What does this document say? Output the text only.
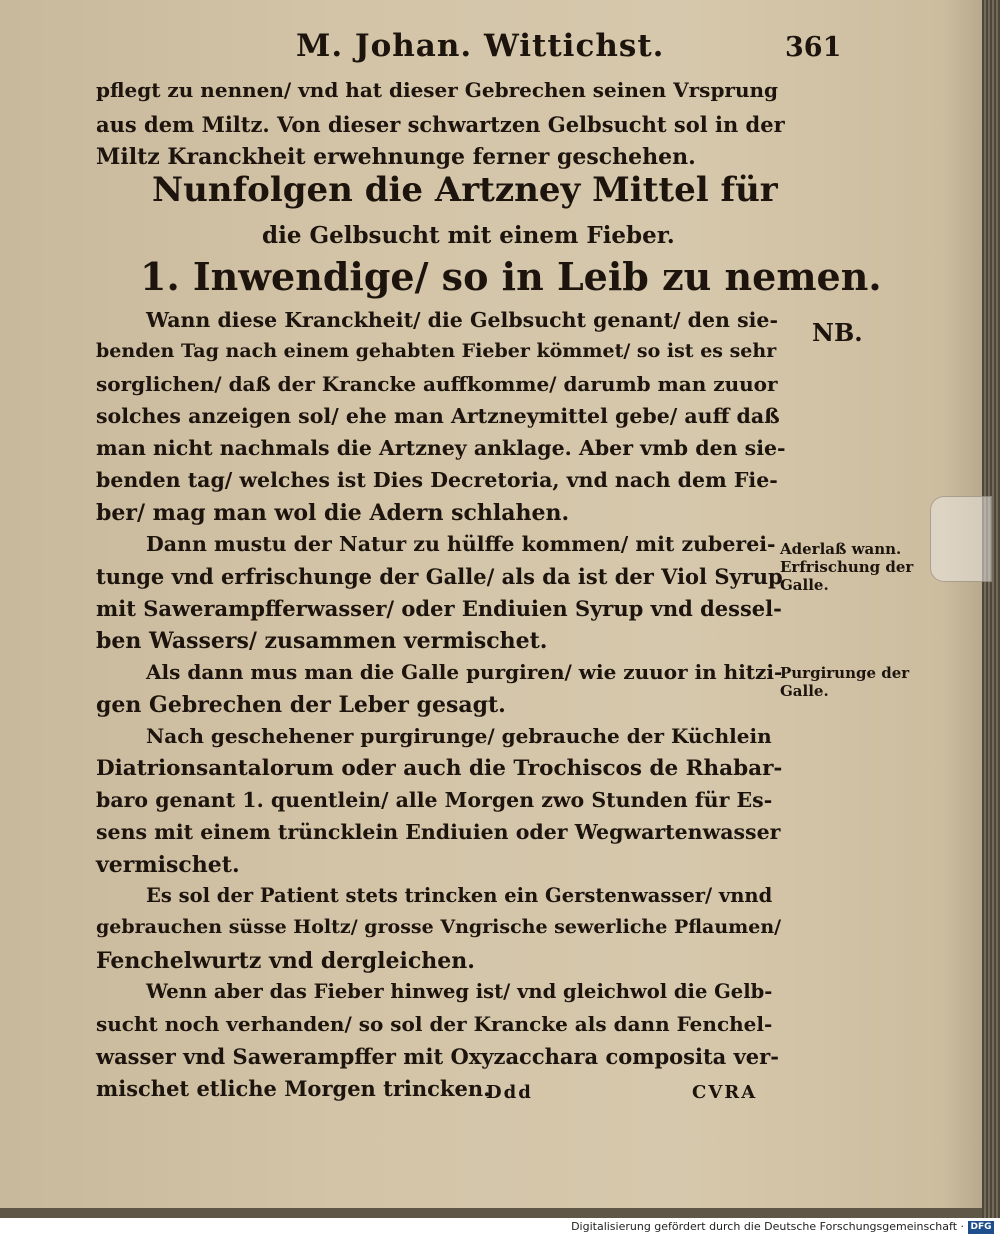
M. Johan. Wittichst.	361
pflegt zu nennen/ vnd hat dieser Gebrechen seinen Vrsprung
aus dem Miltz. Von dieser schwartzen Gelbsucht sol in der
Miltz Kranckheit erwehnunge ferner geschehen.
Wann diese Kranckheit/ die Gelbsucht genant/ den sie-
benden Tag nach einem gehabten Fieber kömmet/ so ist es sehr
sorglichen/ daß der Krancke auffkomme/ darumb man zuuor
solches anzeigen sol/ ehe man Artzneymittel gebe/ auff daß
man nicht nachmals die Artzney anklage. Aber vmb den sie-
benden tag/ welches ist Dies Decretoria, vnd nach dem Fie-
ber/ mag man wol die Adern schlahen.
Dann mustu der Natur zu hülffe kommen/ mit zuberei-
tunge vnd erfrischunge der Galle/ als da ist der Viol Syrup
mit Sawerampfferwasser/ oder Endiuien Syrup vnd dessel-
ben Wassers/ zusammen vermischet.
Als dann mus man die Galle purgiren/ wie zuuor in hitzi-
gen Gebrechen der Leber gesagt.
Nach geschehener purgirunge/ gebrauche der Küchlein
Diatrionsantalorum oder auch die Trochiscos de Rhabar-
baro genant 1. quentlein/ alle Morgen zwo Stunden für Es-
sens mit einem trüncklein Endiuien oder Wegwartenwasser
vermischet.
Es sol der Patient stets trincken ein Gerstenwasser/ vnnd
gebrauchen süsse Holtz/ grosse Vngrische sewerliche Pflaumen/
Fenchelwurtz vnd dergleichen.
Wenn aber das Fieber hinweg ist/ vnd gleichwol die Gelb-
sucht noch verhanden/ so sol der Krancke als dann Fenchel-
wasser vnd Sawerampffer mit Oxyzacchara composita ver-
mischet etliche Morgen trincken.
Nunfolgen die Artzney Mittel für
die Gelbsucht mit einem Fieber.
1. Inwendige/ so in Leib zu nemen.
NB.
Aderlaß wann.
Erfrischung der
Galle.
Purgirunge der
Galle.
Ddd	CVRA
Digitalisierung gefördert durch die Deutsche Forschungsgemeinschaft · DFG
